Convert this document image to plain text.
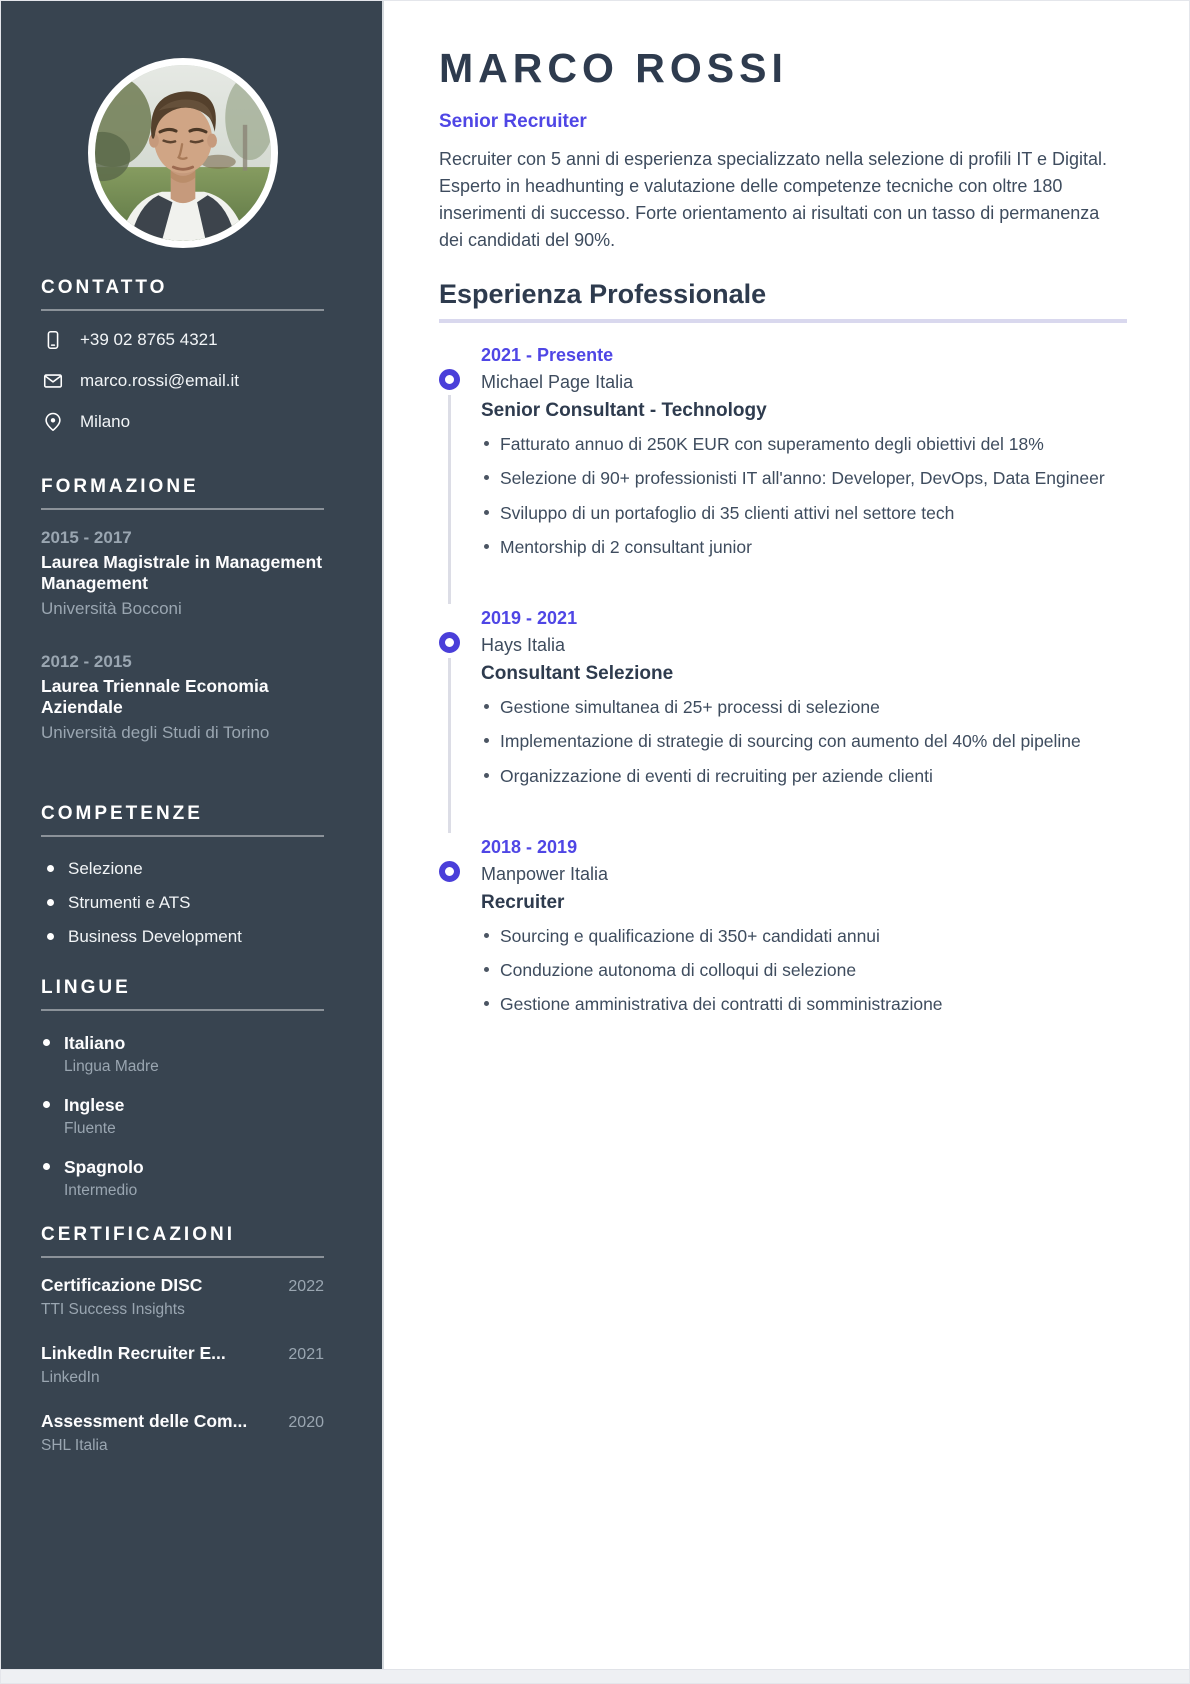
CONTATTO
+39 02 8765 4321
marco.rossi@email.it
Milano
FORMAZIONE
2015 - 2017
Laurea Magistrale in Management Management
Università Bocconi
2012 - 2015
Laurea Triennale Economia Aziendale
Università degli Studi di Torino
COMPETENZE
Selezione
Strumenti e ATS
Business Development
LINGUE
Italiano
Lingua Madre
Inglese
Fluente
Spagnolo
Intermedio
CERTIFICAZIONI
Certificazione DISC	2022
TTI Success Insights
LinkedIn Recruiter E...	2021
LinkedIn
Assessment delle Com...	2020
SHL Italia
MARCO ROSSI
Senior Recruiter

Recruiter con 5 anni di esperienza specializzato nella selezione di profili IT e Digital. Esperto in headhunting e valutazione delle competenze tecniche con oltre 180 inserimenti di successo. Forte orientamento ai risultati con un tasso di permanenza dei candidati del 90%.

Esperienza Professionale
2021 - Presente
Michael Page Italia
Senior Consultant - Technology
Fatturato annuo di 250K EUR con superamento degli obiettivi del 18%
Selezione di 90+ professionisti IT all'anno: Developer, DevOps, Data Engineer
Sviluppo di un portafoglio di 35 clienti attivi nel settore tech
Mentorship di 2 consultant junior
2019 - 2021
Hays Italia
Consultant Selezione
Gestione simultanea di 25+ processi di selezione
Implementazione di strategie di sourcing con aumento del 40% del pipeline
Organizzazione di eventi di recruiting per aziende clienti
2018 - 2019
Manpower Italia
Recruiter
Sourcing e qualificazione di 350+ candidati annui
Conduzione autonoma di colloqui di selezione
Gestione amministrativa dei contratti di somministrazione
